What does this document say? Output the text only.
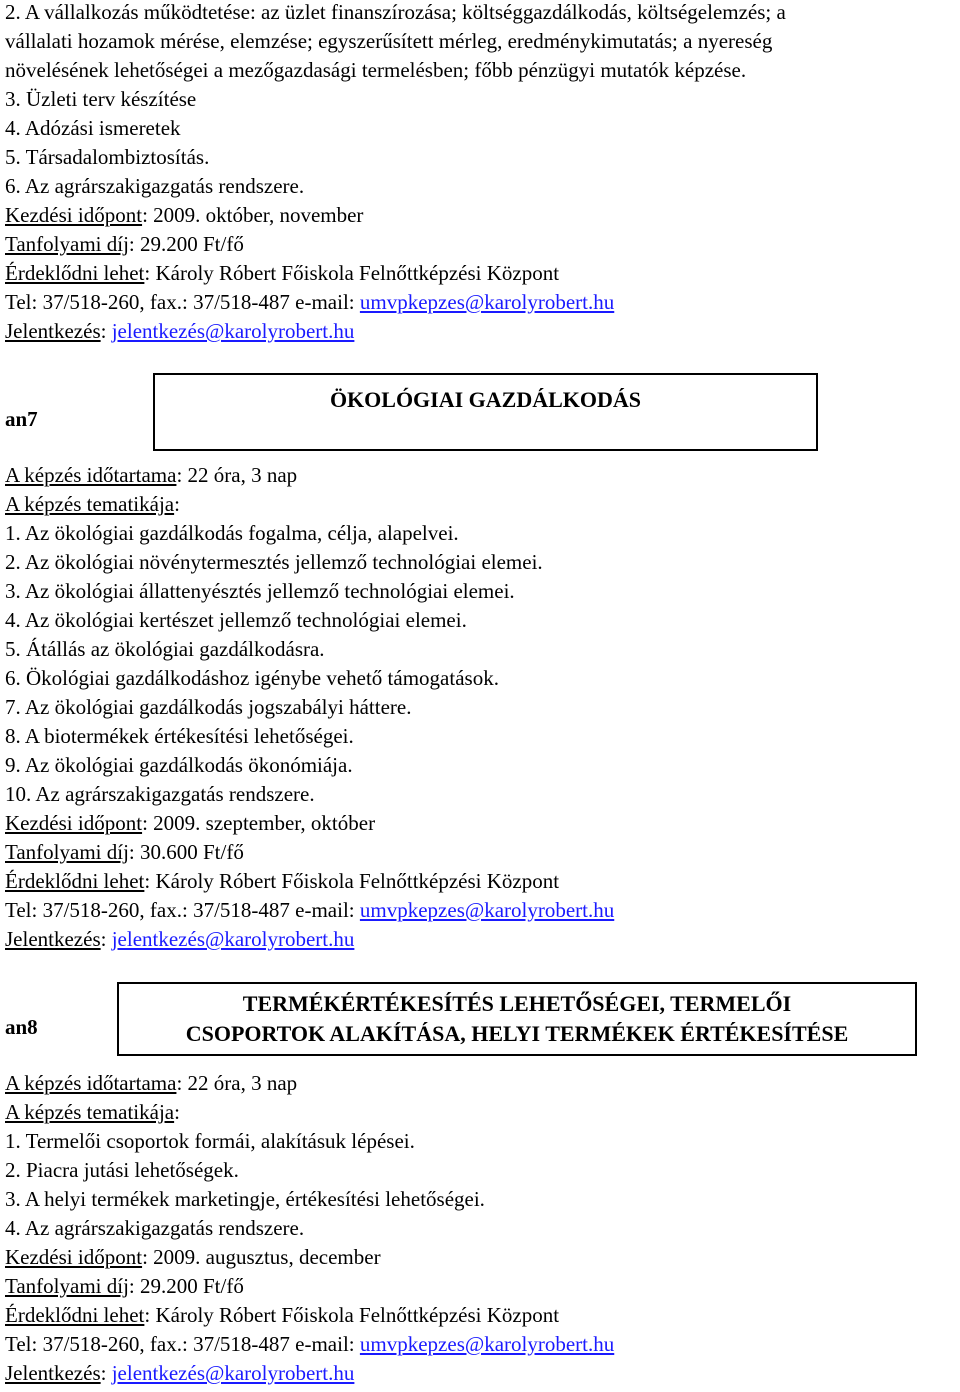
2. A vállalkozás működtetése: az üzlet finanszírozása; költséggazdálkodás, költségelemzés; a
vállalati hozamok mérése, elemzése; egyszerűsített mérleg, eredménykimutatás; a nyereség
növelésének lehetőségei a mezőgazdasági termelésben; főbb pénzügyi mutatók képzése.
3. Üzleti terv készítése
4. Adózási ismeretek
5. Társadalombiztosítás.
6. Az agrárszakigazgatás rendszere.
Kezdési időpont: 2009. október, november
Tanfolyami díj: 29.200 Ft/fő
Érdeklődni lehet: Károly Róbert Főiskola Felnőttképzési Központ
Tel: 37/518-260, fax.: 37/518-487 e-mail: umvpkepzes@karolyrobert.hu
Jelentkezés: jelentkezés@karolyrobert.hu
an7
ÖKOLÓGIAI GAZDÁLKODÁS
A képzés időtartama: 22 óra, 3 nap
A képzés tematikája:
1. Az ökológiai gazdálkodás fogalma, célja, alapelvei.
2. Az ökológiai növénytermesztés jellemző technológiai elemei.
3. Az ökológiai állattenyésztés jellemző technológiai elemei.
4. Az ökológiai kertészet jellemző technológiai elemei.
5. Átállás az ökológiai gazdálkodásra.
6. Ökológiai gazdálkodáshoz igénybe vehető támogatások.
7. Az ökológiai gazdálkodás jogszabályi háttere.
8. A biotermékek értékesítési lehetőségei.
9. Az ökológiai gazdálkodás ökonómiája.
10. Az agrárszakigazgatás rendszere.
Kezdési időpont: 2009. szeptember, október
Tanfolyami díj: 30.600 Ft/fő
Érdeklődni lehet: Károly Róbert Főiskola Felnőttképzési Központ
Tel: 37/518-260, fax.: 37/518-487 e-mail: umvpkepzes@karolyrobert.hu
Jelentkezés: jelentkezés@karolyrobert.hu
an8
TERMÉKÉRTÉKESÍTÉS LEHETŐSÉGEI, TERMELŐI
CSOPORTOK ALAKÍTÁSA, HELYI TERMÉKEK ÉRTÉKESÍTÉSE
A képzés időtartama: 22 óra, 3 nap
A képzés tematikája:
1. Termelői csoportok formái, alakításuk lépései.
2. Piacra jutási lehetőségek.
3. A helyi termékek marketingje, értékesítési lehetőségei.
4. Az agrárszakigazgatás rendszere.
Kezdési időpont: 2009. augusztus, december
Tanfolyami díj: 29.200 Ft/fő
Érdeklődni lehet: Károly Róbert Főiskola Felnőttképzési Központ
Tel: 37/518-260, fax.: 37/518-487 e-mail: umvpkepzes@karolyrobert.hu
Jelentkezés: jelentkezés@karolyrobert.hu
